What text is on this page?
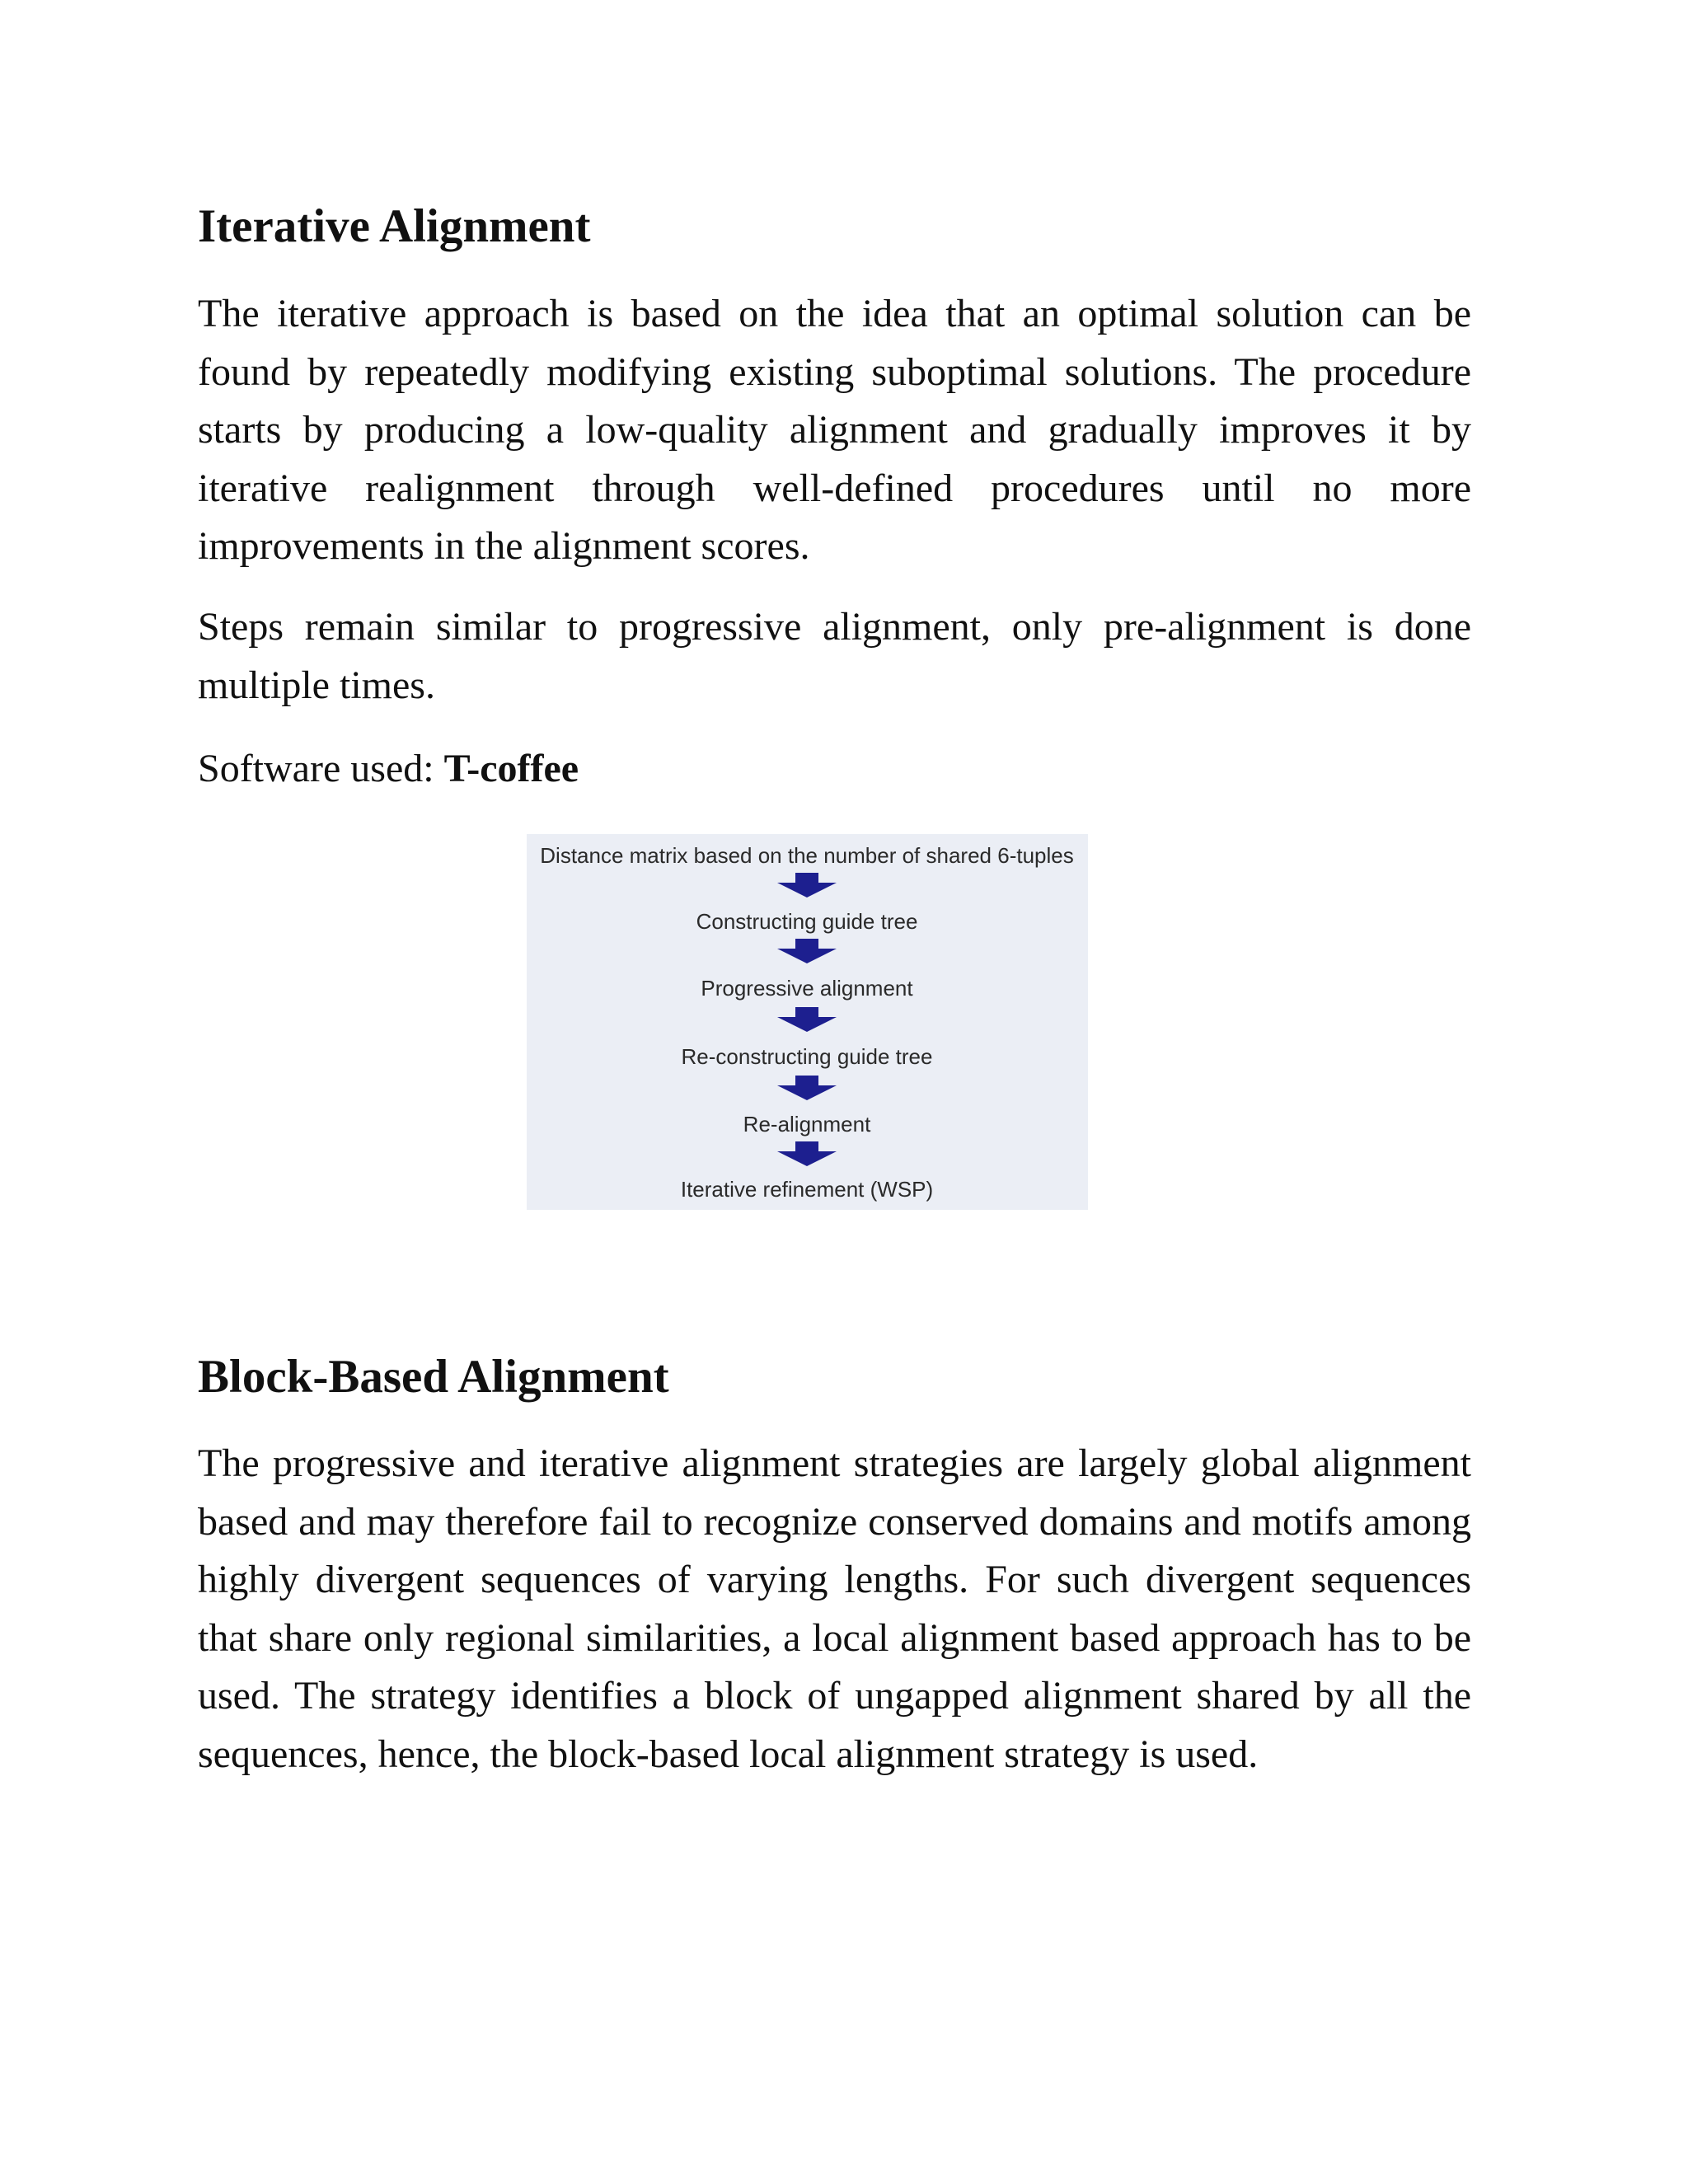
Iterative Alignment

The iterative approach is based on the idea that an optimal solution can be found by repeatedly modifying existing suboptimal solutions. The procedure starts by producing a low-quality alignment and gradually improves it by iterative realignment through well-defined procedures until no more improvements in the alignment scores.

Steps remain similar to progressive alignment, only pre-alignment is done multiple times.

Software used: T-coffee

Distance matrix based on the number of shared 6-tuples
Constructing guide tree
Progressive alignment
Re-constructing guide tree
Re-alignment
Iterative refinement (WSP)
Block-Based Alignment

The progressive and iterative alignment strategies are largely global alignment based and may therefore fail to recognize conserved domains and motifs among highly divergent sequences of varying lengths. For such divergent sequences that share only regional similarities, a local alignment based approach has to be used. The strategy identifies a block of ungapped alignment shared by all the sequences, hence, the block-based local alignment strategy is used.
